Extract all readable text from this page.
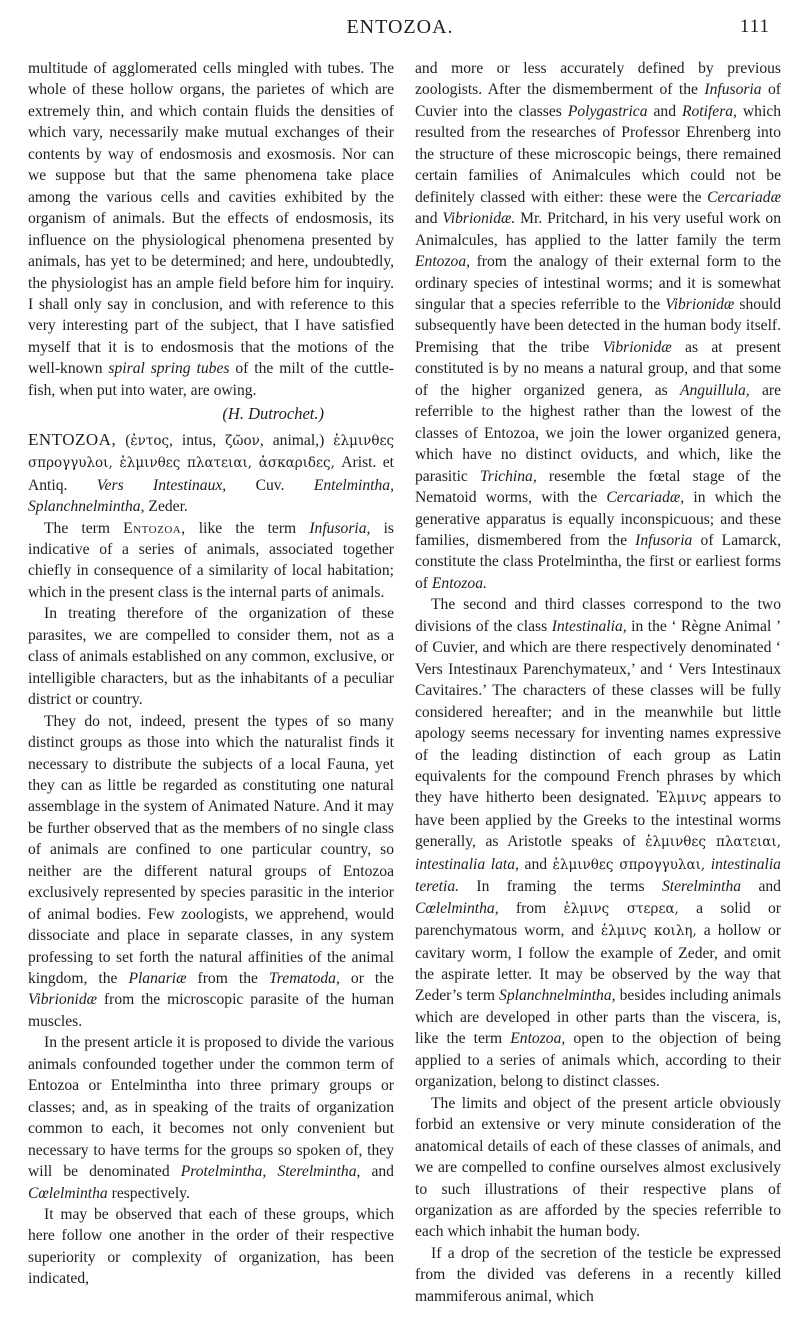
ENTOZOA.	111

multitude of agglomerated cells mingled with tubes. The whole of these hollow organs, the parietes of which are extremely thin, and which contain fluids the densities of which vary, necessarily make mutual exchanges of their contents by way of endosmosis and exosmosis. Nor can we suppose but that the same phenomena take place among the various cells and cavities exhibited by the organism of animals. But the effects of endosmosis, its influence on the physiological phenomena presented by animals, has yet to be determined; and here, undoubtedly, the physiologist has an ample field before him for inquiry. I shall only say in conclusion, and with reference to this very interesting part of the subject, that I have satisfied myself that it is to endosmosis that the motions of the well-known spiral spring tubes of the milt of the cuttle-fish, when put into water, are owing.

(H. Dutrochet.)

ENTOZOA, (ἐντος, intus, ζῶον, animal,) ἑλμινθες σπρογγυλοι, ἑλμινθες πλατειαι, ἀσκαριδες, Arist. et Antiq. Vers Intestinaux, Cuv. Entelmintha, Splanchnelmintha, Zeder.

The term Entozoa, like the term Infusoria, is indicative of a series of animals, associated together chiefly in consequence of a similarity of local habitation; which in the present class is the internal parts of animals.

In treating therefore of the organization of these parasites, we are compelled to consider them, not as a class of animals established on any common, exclusive, or intelligible characters, but as the inhabitants of a peculiar district or country.

They do not, indeed, present the types of so many distinct groups as those into which the naturalist finds it necessary to distribute the subjects of a local Fauna, yet they can as little be regarded as constituting one natural assemblage in the system of Animated Nature. And it may be further observed that as the members of no single class of animals are confined to one particular country, so neither are the different natural groups of Entozoa exclusively represented by species parasitic in the interior of animal bodies. Few zoologists, we apprehend, would dissociate and place in separate classes, in any system professing to set forth the natural affinities of the animal kingdom, the Planariæ from the Trematoda, or the Vibrionidæ from the microscopic parasite of the human muscles.

In the present article it is proposed to divide the various animals confounded together under the common term of Entozoa or Entelmintha into three primary groups or classes; and, as in speaking of the traits of organization common to each, it becomes not only convenient but necessary to have terms for the groups so spoken of, they will be denominated Protelmintha, Sterelmintha, and Cœlelmintha respectively.

It may be observed that each of these groups, which here follow one another in the order of their respective superiority or complexity of organization, has been indicated,

and more or less accurately defined by previous zoologists. After the dismemberment of the Infusoria of Cuvier into the classes Polygastrica and Rotifera, which resulted from the researches of Professor Ehrenberg into the structure of these microscopic beings, there remained certain families of Animalcules which could not be definitely classed with either: these were the Cercariadæ and Vibrionidæ. Mr. Pritchard, in his very useful work on Animalcules, has applied to the latter family the term Entozoa, from the analogy of their external form to the ordinary species of intestinal worms; and it is somewhat singular that a species referrible to the Vibrionidæ should subsequently have been detected in the human body itself. Premising that the tribe Vibrionidæ as at present constituted is by no means a natural group, and that some of the higher organized genera, as Anguillula, are referrible to the highest rather than the lowest of the classes of Entozoa, we join the lower organized genera, which have no distinct oviducts, and which, like the parasitic Trichina, resemble the fœtal stage of the Nematoid worms, with the Cercariadæ, in which the generative apparatus is equally inconspicuous; and these families, dismembered from the Infusoria of Lamarck, constitute the class Protelmintha, the first or earliest forms of Entozoa.

The second and third classes correspond to the two divisions of the class Intestinalia, in the ‘ Règne Animal ’ of Cuvier, and which are there respectively denominated ‘ Vers Intestinaux Parenchymateux,’ and ‘ Vers Intestinaux Cavitaires.’ The characters of these classes will be fully considered hereafter; and in the meanwhile but little apology seems necessary for inventing names expressive of the leading distinction of each group as Latin equivalents for the compound French phrases by which they have hitherto been designated. Ἑλμινς appears to have been applied by the Greeks to the intestinal worms generally, as Aristotle speaks of ἑλμινθες πλατειαι, intestinalia lata, and ἑλμινθες σπρογγυλαι, intestinalia teretia. In framing the terms Sterelmintha and Cœlelmintha, from ἑλμινς στερεα, a solid or parenchymatous worm, and ἑλμινς κοιλη, a hollow or cavitary worm, I follow the example of Zeder, and omit the aspirate letter. It may be observed by the way that Zeder’s term Splanchnelmintha, besides including animals which are developed in other parts than the viscera, is, like the term Entozoa, open to the objection of being applied to a series of animals which, according to their organization, belong to distinct classes.

The limits and object of the present article obviously forbid an extensive or very minute consideration of the anatomical details of each of these classes of animals, and we are compelled to confine ourselves almost exclusively to such illustrations of their respective plans of organization as are afforded by the species referrible to each which inhabit the human body.

If a drop of the secretion of the testicle be expressed from the divided vas deferens in a recently killed mammiferous animal, which
